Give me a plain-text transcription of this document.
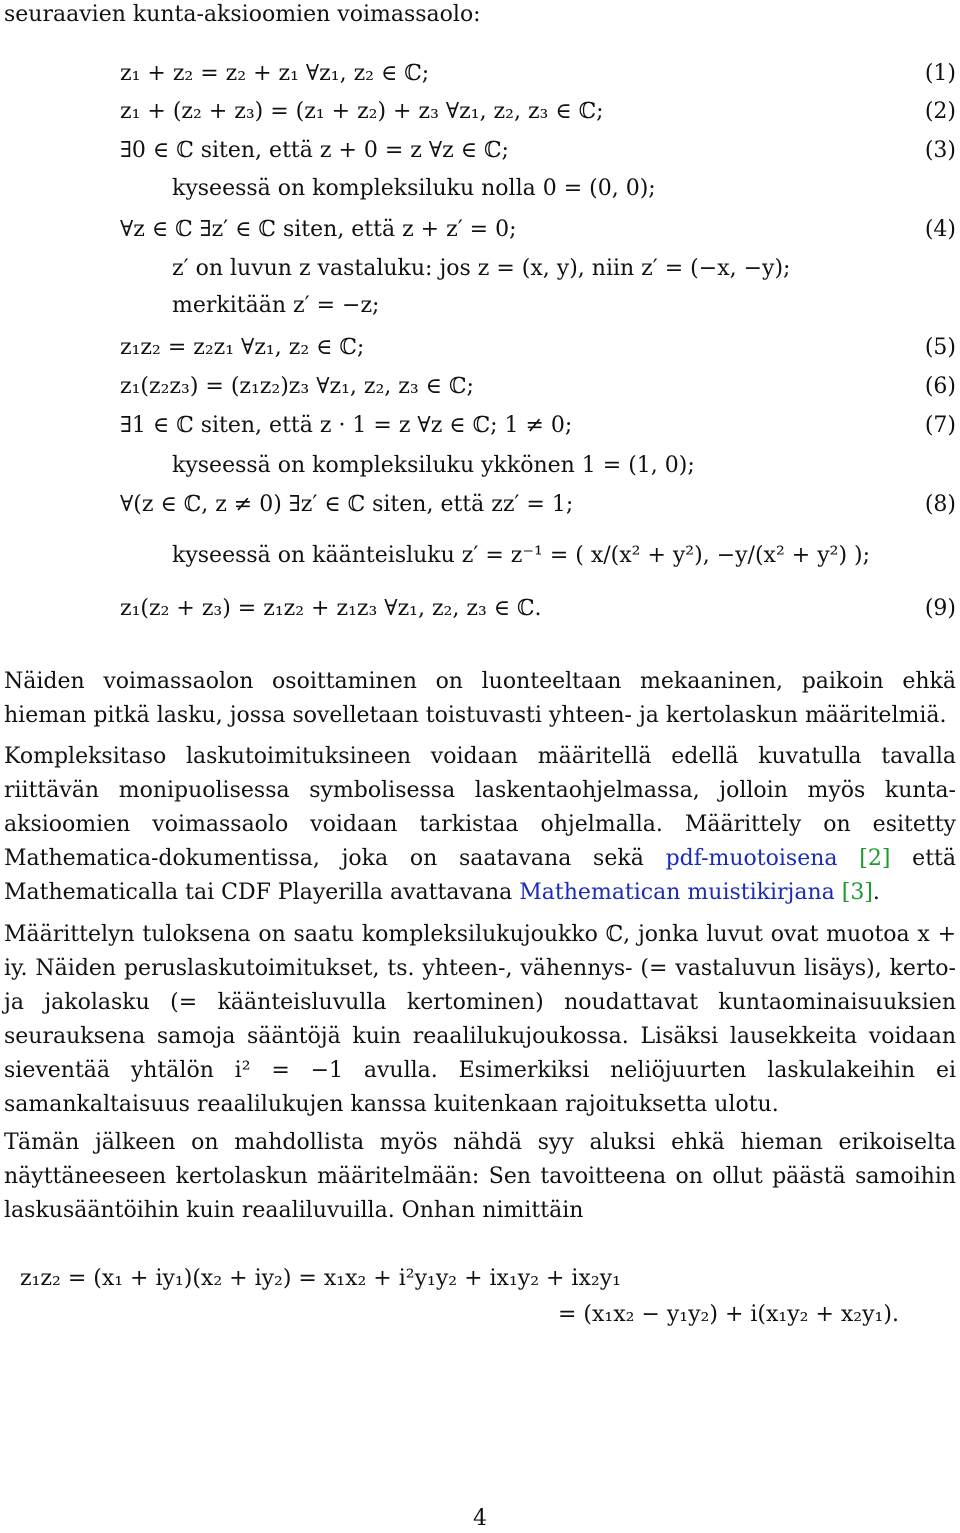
seuraavien kunta-aksioomien voimassaolo:
z₁ + z₂ = z₂ + z₁ ∀z₁, z₂ ∈ ℂ;	(1)
z₁ + (z₂ + z₃) = (z₁ + z₂) + z₃ ∀z₁, z₂, z₃ ∈ ℂ;	(2)
∃0 ∈ ℂ siten, että z + 0 = z ∀z ∈ ℂ;	(3)
kyseessä on kompleksiluku nolla 0 = (0, 0);
∀z ∈ ℂ ∃z′ ∈ ℂ siten, että z + z′ = 0;	(4)
z′ on luvun z vastaluku: jos z = (x, y), niin z′ = (−x, −y);
merkitään z′ = −z;
z₁z₂ = z₂z₁ ∀z₁, z₂ ∈ ℂ;	(5)
z₁(z₂z₃) = (z₁z₂)z₃ ∀z₁, z₂, z₃ ∈ ℂ;	(6)
∃1 ∈ ℂ siten, että z · 1 = z ∀z ∈ ℂ; 1 ≠ 0;	(7)
kyseessä on kompleksiluku ykkönen 1 = (1, 0);
∀(z ∈ ℂ, z ≠ 0) ∃z′ ∈ ℂ siten, että zz′ = 1;	(8)
kyseessä on käänteisluku z′ = z⁻¹ = ( x/(x² + y²), −y/(x² + y²) );
z₁(z₂ + z₃) = z₁z₂ + z₁z₃ ∀z₁, z₂, z₃ ∈ ℂ.	(9)

Näiden voimassaolon osoittaminen on luonteeltaan mekaaninen, paikoin ehkä hieman pitkä lasku, jossa sovelletaan toistuvasti yhteen- ja kertolaskun määritelmiä.

Kompleksitaso laskutoimituksineen voidaan määritellä edellä kuvatulla tavalla riittävän monipuolisessa symbolisessa laskentaohjelmassa, jolloin myös kunta-aksioomien voimassaolo voidaan tarkistaa ohjelmalla. Määrittely on esitetty Mathematica-dokumentissa, joka on saatavana sekä pdf-muotoisena [2] että Mathematicalla tai CDF Playerilla avattavana Mathematican muistikirjana [3].

Määrittelyn tuloksena on saatu kompleksilukujoukko ℂ, jonka luvut ovat muotoa x + iy. Näiden peruslaskutoimitukset, ts. yhteen-, vähennys- (= vastaluvun lisäys), kerto- ja jakolasku (= käänteisluvulla kertominen) noudattavat kuntaominaisuuksien seurauksena samoja sääntöjä kuin reaalilukujoukossa. Lisäksi lausekkeita voidaan sieventää yhtälön i² = −1 avulla. Esimerkiksi neliöjuurten laskulakeihin ei samankaltaisuus reaalilukujen kanssa kuitenkaan rajoituksetta ulotu.

Tämän jälkeen on mahdollista myös nähdä syy aluksi ehkä hieman erikoiselta näyttäneeseen kertolaskun määritelmään: Sen tavoitteena on ollut päästä samoihin laskusääntöihin kuin reaaliluvuilla. Onhan nimittäin

z₁z₂ = (x₁ + iy₁)(x₂ + iy₂) = x₁x₂ + i²y₁y₂ + ix₁y₂ + ix₂y₁
= (x₁x₂ − y₁y₂) + i(x₁y₂ + x₂y₁).
4
